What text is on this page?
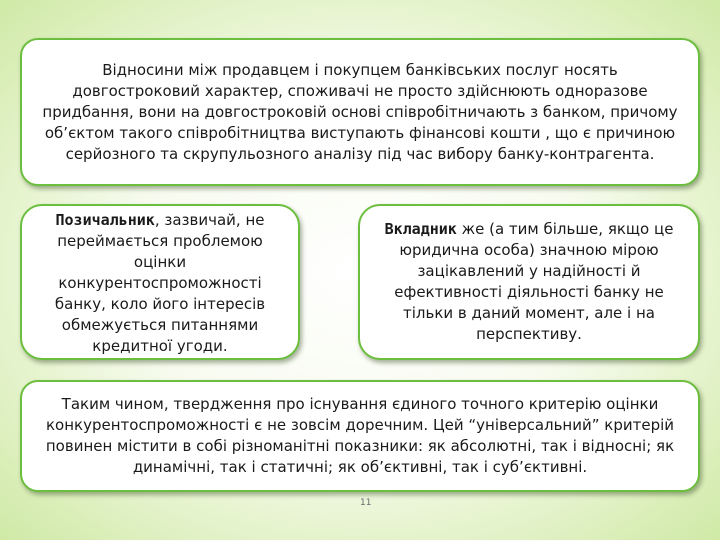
Відносини між продавцем і покупцем банківських послуг носять довгостроковий характер, споживачі не просто здійснюють одноразове придбання, вони на довгостроковій основі співробітничають з банком, причому об’єктом такого співробітництва виступають фінансові кошти , що є причиною серйозного та скрупульозного аналізу під час вибору банку-контрагента.

Позичальник, зазвичай, не переймається проблемою оцінки конкурентоспроможності банку, коло його інтересів обмежується питаннями кредитної угоди.

Вкладник же (а тим більше, якщо це юридична особа) значною мірою зацікавлений у надійності й ефективності діяльності банку не тільки в даний момент, але і на перспективу.

Таким чином, твердження про існування єдиного точного критерію оцінки конкурентоспроможності є не зовсім доречним. Цей “універсальний” критерій повинен містити в собі різноманітні показники: як абсолютні, так і відносні; як динамічні, так і статичні; як об’єктивні, так і суб’єктивні.

11
